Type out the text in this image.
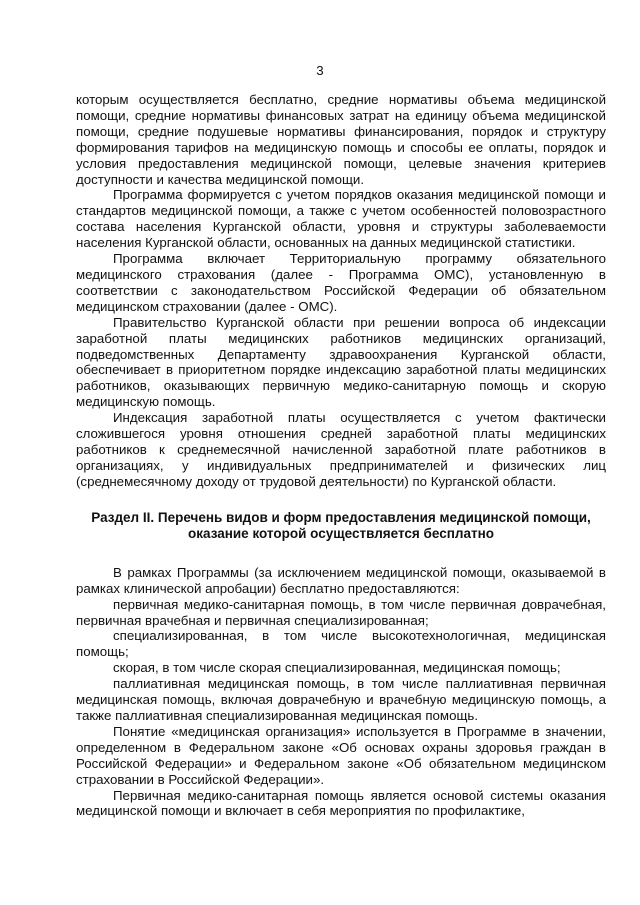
3

которым осуществляется бесплатно, средние нормативы объема медицинской помощи, средние нормативы финансовых затрат на единицу объема медицинской помощи, средние подушевые нормативы финансирования, порядок и структуру формирования тарифов на медицинскую помощь и способы ее оплаты, порядок и условия предоставления медицинской помощи, целевые значения критериев доступности и качества медицинской помощи.

Программа формируется с учетом порядков оказания медицинской помощи и стандартов медицинской помощи, а также с учетом особенностей половозрастного состава населения Курганской области, уровня и структуры заболеваемости населения Курганской области, основанных на данных медицинской статистики.

Программа включает Территориальную программу обязательного медицинского страхования (далее - Программа ОМС), установленную в соответствии с законодательством Российской Федерации об обязательном медицинском страховании (далее - ОМС).

Правительство Курганской области при решении вопроса об индексации заработной платы медицинских работников медицинских организаций, подведомственных Департаменту здравоохранения Курганской области, обеспечивает в приоритетном порядке индексацию заработной платы медицинских работников, оказывающих первичную медико-санитарную помощь и скорую медицинскую помощь.

Индексация заработной платы осуществляется с учетом фактически сложившегося уровня отношения средней заработной платы медицинских работников к среднемесячной начисленной заработной плате работников в организациях, у индивидуальных предпринимателей и физических лиц (среднемесячному доходу от трудовой деятельности) по Курганской области.

Раздел II. Перечень видов и форм предоставления медицинской помощи, оказание которой осуществляется бесплатно

В рамках Программы (за исключением медицинской помощи, оказываемой в рамках клинической апробации) бесплатно предоставляются:

первичная медико-санитарная помощь, в том числе первичная доврачебная, первичная врачебная и первичная специализированная;

специализированная, в том числе высокотехнологичная, медицинская помощь;

скорая, в том числе скорая специализированная, медицинская помощь;

паллиативная медицинская помощь, в том числе паллиативная первичная медицинская помощь, включая доврачебную и врачебную медицинскую помощь, а также паллиативная специализированная медицинская помощь.

Понятие «медицинская организация» используется в Программе в значении, определенном в Федеральном законе «Об основах охраны здоровья граждан в Российской Федерации» и Федеральном законе «Об обязательном медицинском страховании в Российской Федерации».

Первичная медико-санитарная помощь является основой системы оказания медицинской помощи и включает в себя мероприятия по профилактике,
